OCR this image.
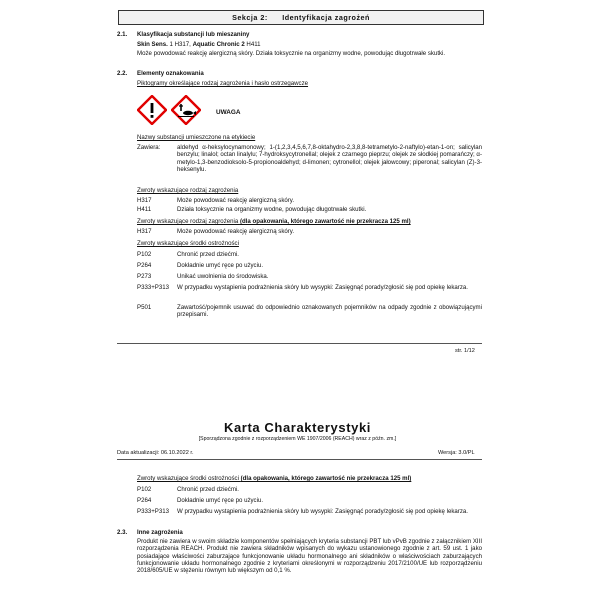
Sekcja 2: Identyfikacja zagrożeń
2.1. Klasyfikacja substancji lub mieszaniny
Skin Sens. 1 H317, Aquatic Chronic 2 H411
Może powodować reakcję alergiczną skóry. Działa toksycznie na organizmy wodne, powodując długotrwałe skutki.
2.2. Elementy oznakowania
Piktogramy określające rodzaj zagrożenia i hasło ostrzegawcze
UWAGA
Nazwy substancji umieszczone na etykiecie
Zawiera:	aldehyd α-heksylocynamonowy; 1-(1,2,3,4,5,6,7,8-oktahydro-2,3,8,8-tetrametylo-2-naftylo)-etan-1-on; salicylan benzylu; linalol; octan linalylu; 7-hydroksycytronellal; olejek z czarnego pieprzu; olejek ze słodkiej pomarańczy; α-metylo-1,3-benzodioksolo-5-propionoaldehyd; d-limonen; cytronellol; olejek jałowcowy; piperonal; salicylan (Z)-3-heksenylu.
Zwroty wskazujące rodzaj zagrożenia
H317	Może powodować reakcję alergiczną skóry.
H411	Działa toksycznie na organizmy wodne, powodując długotrwałe skutki.
Zwroty wskazujące rodzaj zagrożenia (dla opakowania, którego zawartość nie przekracza 125 ml)
H317	Może powodować reakcję alergiczną skóry.
Zwroty wskazujące środki ostrożności
P102	Chronić przed dziećmi.
P264	Dokładnie umyć ręce po użyciu.
P273	Unikać uwolnienia do środowiska.
P333+P313 W przypadku wystąpienia podrażnienia skóry lub wysypki: Zasięgnąć porady/zgłosić się pod opiekę lekarza.
P501	Zawartość/pojemnik usuwać do odpowiednio oznakowanych pojemników na odpady zgodnie z obowiązującymi przepisami.
str. 1/12
Karta Charakterystyki
[Sporządzona zgodnie z rozporządzeniem WE 1907/2006 (REACH) wraz z późn. zm.]
Data aktualizacji: 06.10.2022 r.	Wersja: 3.0/PL
Zwroty wskazujące środki ostrożności (dla opakowania, którego zawartość nie przekracza 125 ml)
P102	Chronić przed dziećmi.
P264	Dokładnie umyć ręce po użyciu.
P333+P313 W przypadku wystąpienia podrażnienia skóry lub wysypki: Zasięgnąć porady/zgłosić się pod opiekę lekarza.
2.3. Inne zagrożenia
Produkt nie zawiera w swoim składzie komponentów spełniających kryteria substancji PBT lub vPvB zgodnie z załącznikiem XIII rozporządzenia REACH. Produkt nie zawiera składników wpisanych do wykazu ustanowionego zgodnie z art. 59 ust. 1 jako posiadające właściwości zaburzające funkcjonowanie układu hormonalnego ani składników o właściwościach zaburzających funkcjonowanie układu hormonalnego zgodnie z kryteriami określonymi w rozporządzeniu 2017/2100/UE lub rozporządzeniu 2018/605/UE w stężeniu równym lub większym od 0,1 %.
